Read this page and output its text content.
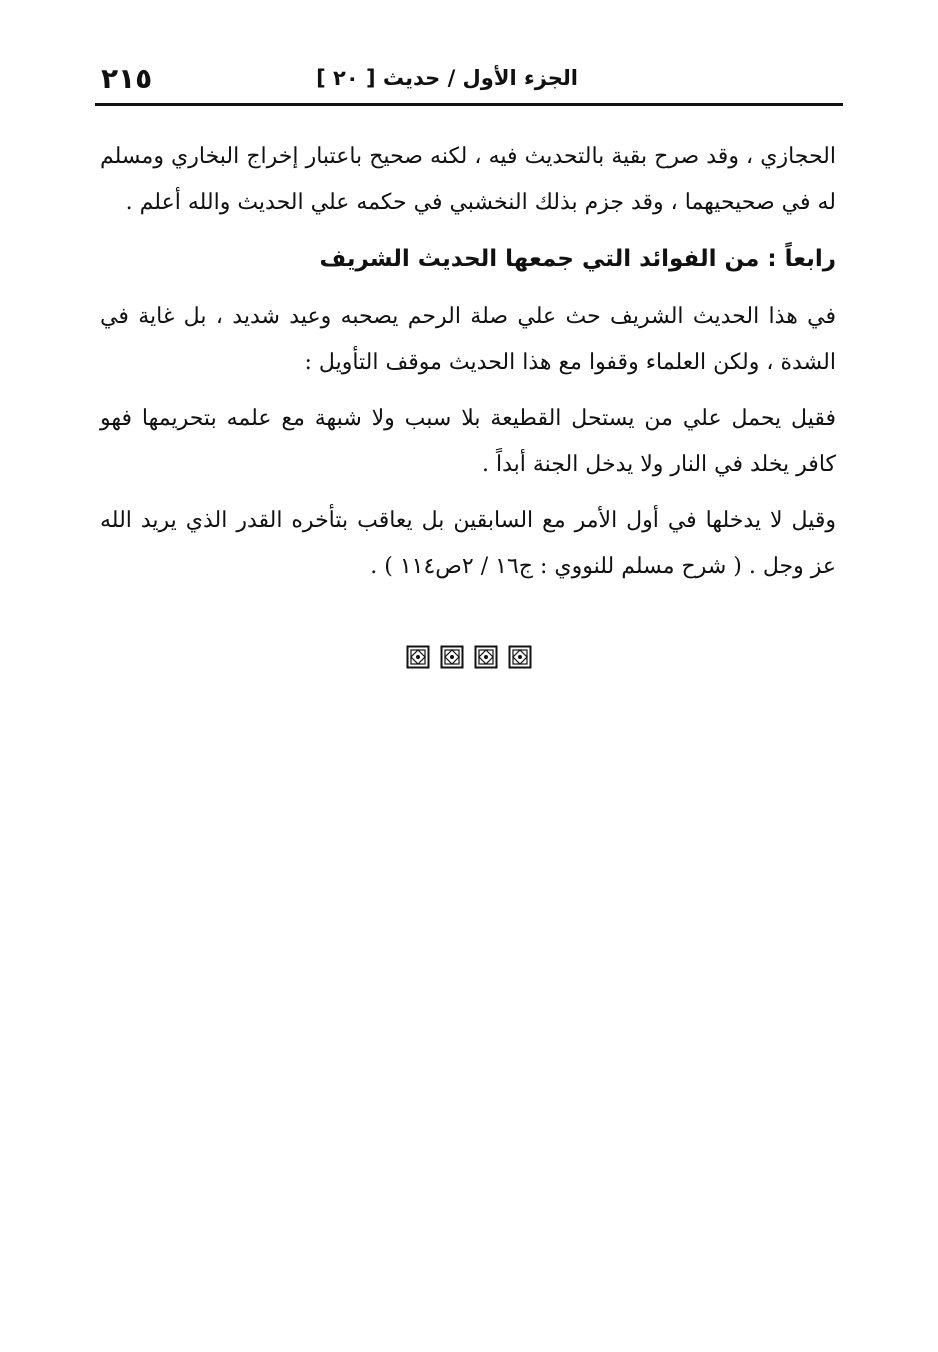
الجزء الأول / حديث [ ٢٠ ]
٢١٥

الحجازي ، وقد صرح بقية بالتحديث فيه ، لكنه صحيح باعتبار إخراج البخاري ومسلم له في صحيحيهما ، وقد جزم بذلك النخشبي في حكمه علي الحديث والله أعلم .

رابعاً : من الفوائد التي جمعها الحديث الشريف

في هذا الحديث الشريف حث علي صلة الرحم يصحبه وعيد شديد ، بل غاية في الشدة ، ولكن العلماء وقفوا مع هذا الحديث موقف التأويل :

فقيل يحمل علي من يستحل القطيعة بلا سبب ولا شبهة مع علمه بتحريمها فهو كافر يخلد في النار ولا يدخل الجنة أبداً .

وقيل لا يدخلها في أول الأمر مع السابقين بل يعاقب بتأخره القدر الذي يريد الله عز وجل . ( شرح مسلم للنووي : ج١٦ / ٢ص١١٤ ) .
